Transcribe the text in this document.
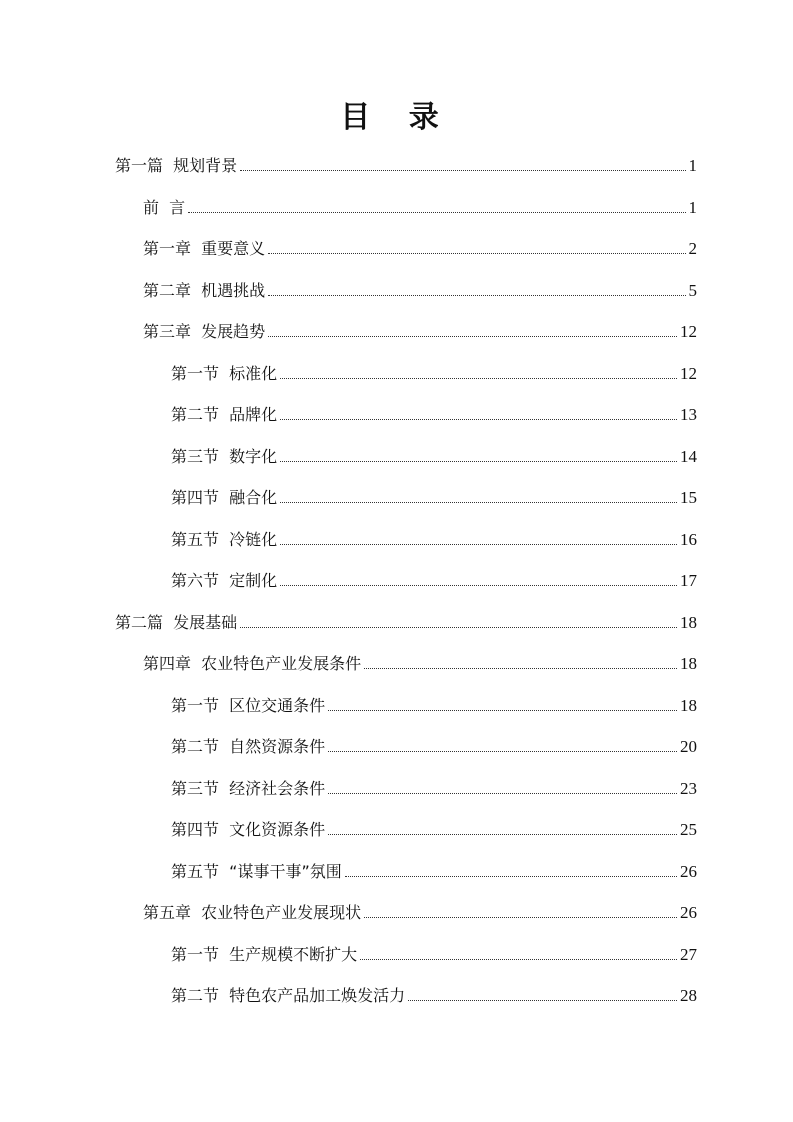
目 录
第一篇  规划背景	1
前  言	1
第一章  重要意义	2
第二章  机遇挑战	5
第三章  发展趋势	12
第一节  标准化	12
第二节  品牌化	13
第三节  数字化	14
第四节  融合化	15
第五节  冷链化	16
第六节  定制化	17
第二篇  发展基础	18
第四章  农业特色产业发展条件	18
第一节  区位交通条件	18
第二节  自然资源条件	20
第三节  经济社会条件	23
第四节  文化资源条件	25
第五节  “谋事干事”氛围	26
第五章  农业特色产业发展现状	26
第一节  生产规模不断扩大	27
第二节  特色农产品加工焕发活力	28
